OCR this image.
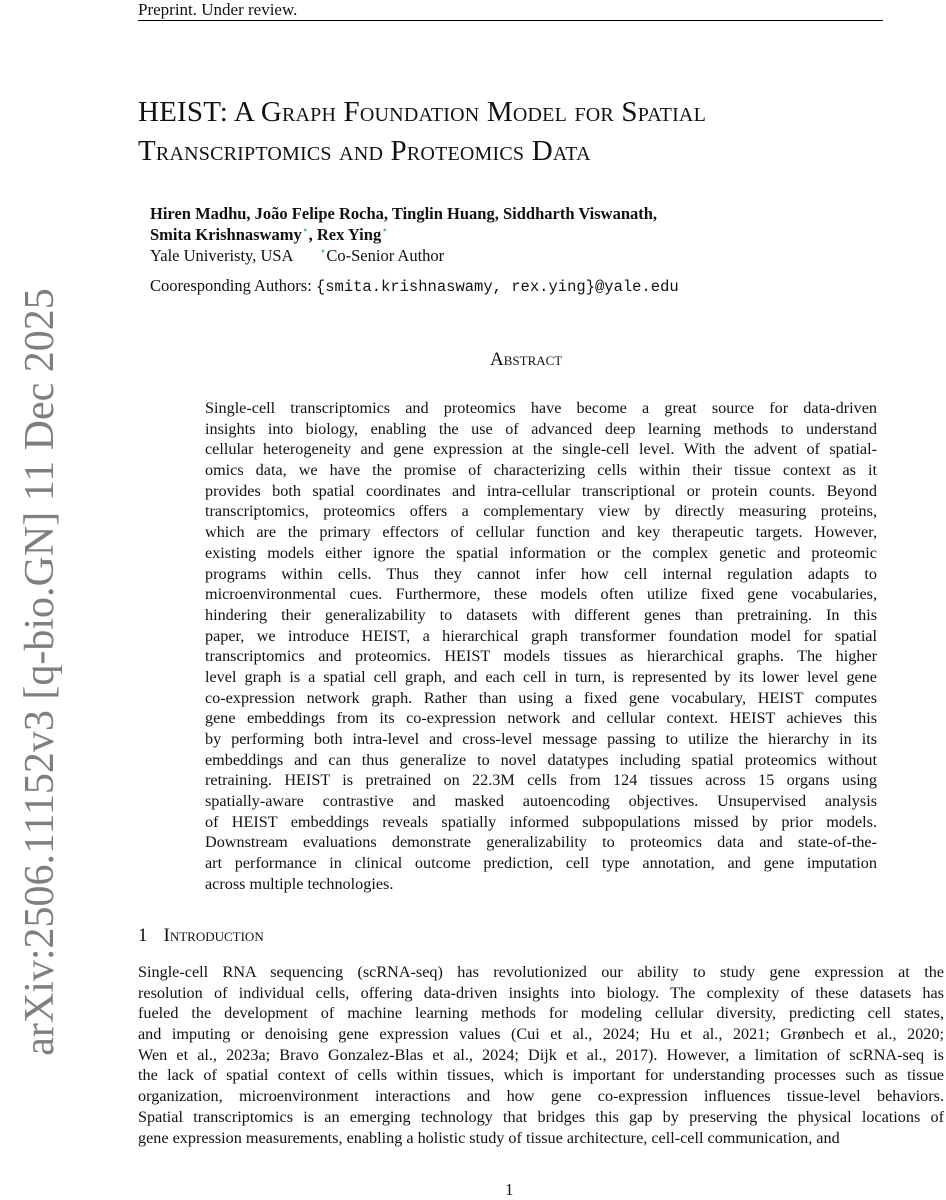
Preprint. Under review.
arXiv:2506.11152v3 [q-bio.GN] 11 Dec 2025
HEIST: A Graph Foundation Model for Spatial
Transcriptomics and Proteomics Data
Hiren Madhu, João Felipe Rocha, Tinglin Huang, Siddharth Viswanath,
Smita Krishnaswamy⋆, Rex Ying⋆
Yale Univeristy, USA ⋆Co-Senior Author
Cooresponding Authors: {smita.krishnaswamy, rex.ying}@yale.edu
Abstract
Single-cell transcriptomics and proteomics have become a great source for data-driven
insights into biology, enabling the use of advanced deep learning methods to understand
cellular heterogeneity and gene expression at the single-cell level. With the advent of spatial-
omics data, we have the promise of characterizing cells within their tissue context as it
provides both spatial coordinates and intra-cellular transcriptional or protein counts. Beyond
transcriptomics, proteomics offers a complementary view by directly measuring proteins,
which are the primary effectors of cellular function and key therapeutic targets. However,
existing models either ignore the spatial information or the complex genetic and proteomic
programs within cells. Thus they cannot infer how cell internal regulation adapts to
microenvironmental cues. Furthermore, these models often utilize fixed gene vocabularies,
hindering their generalizability to datasets with different genes than pretraining. In this
paper, we introduce HEIST, a hierarchical graph transformer foundation model for spatial
transcriptomics and proteomics. HEIST models tissues as hierarchical graphs. The higher
level graph is a spatial cell graph, and each cell in turn, is represented by its lower level gene
co-expression network graph. Rather than using a fixed gene vocabulary, HEIST computes
gene embeddings from its co-expression network and cellular context. HEIST achieves this
by performing both intra-level and cross-level message passing to utilize the hierarchy in its
embeddings and can thus generalize to novel datatypes including spatial proteomics without
retraining. HEIST is pretrained on 22.3M cells from 124 tissues across 15 organs using
spatially-aware contrastive and masked autoencoding objectives. Unsupervised analysis
of HEIST embeddings reveals spatially informed subpopulations missed by prior models.
Downstream evaluations demonstrate generalizability to proteomics data and state-of-the-
art performance in clinical outcome prediction, cell type annotation, and gene imputation
across multiple technologies.
1 Introduction
Single-cell RNA sequencing (scRNA-seq) has revolutionized our ability to study gene expression at the
resolution of individual cells, offering data-driven insights into biology. The complexity of these datasets has
fueled the development of machine learning methods for modeling cellular diversity, predicting cell states,
and imputing or denoising gene expression values (Cui et al., 2024; Hu et al., 2021; Grønbech et al., 2020;
Wen et al., 2023a; Bravo Gonzalez-Blas et al., 2024; Dijk et al., 2017). However, a limitation of scRNA-seq is
the lack of spatial context of cells within tissues, which is important for understanding processes such as tissue
organization, microenvironment interactions and how gene co-expression influences tissue-level behaviors.
Spatial transcriptomics is an emerging technology that bridges this gap by preserving the physical locations of
gene expression measurements, enabling a holistic study of tissue architecture, cell-cell communication, and
1
